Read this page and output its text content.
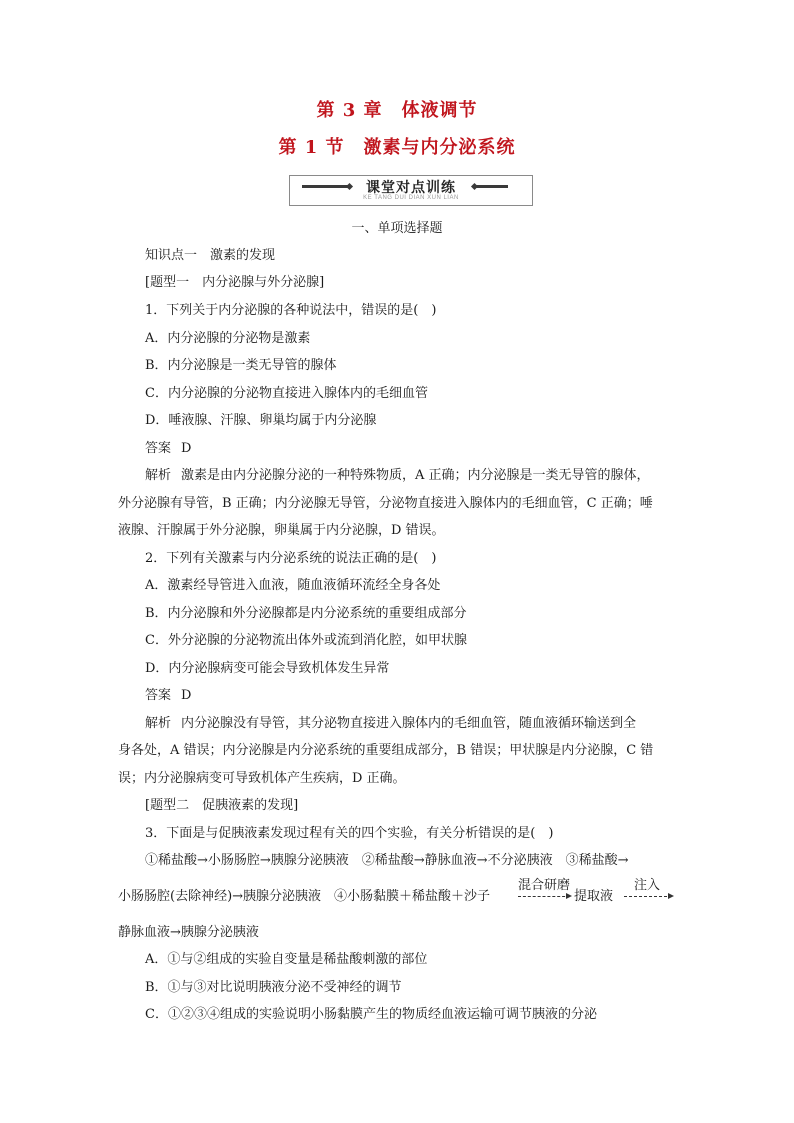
第 3 章　体液调节
第 1 节　激素与内分泌系统
课堂对点训练
KE TANG DUI DIAN XUN LIAN
一、单项选择题
知识点一　激素的发现
[题型一　内分泌腺与外分泌腺]
1．下列关于内分泌腺的各种说法中，错误的是(　)
A．内分泌腺的分泌物是激素
B．内分泌腺是一类无导管的腺体
C．内分泌腺的分泌物直接进入腺体内的毛细血管
D．唾液腺、汗腺、卵巢均属于内分泌腺
答案 D
解析 激素是由内分泌腺分泌的一种特殊物质，A 正确；内分泌腺是一类无导管的腺体，
外分泌腺有导管，B 正确；内分泌腺无导管，分泌物直接进入腺体内的毛细血管，C 正确；唾
液腺、汗腺属于外分泌腺，卵巢属于内分泌腺，D 错误。
2．下列有关激素与内分泌系统的说法正确的是(　)
A．激素经导管进入血液，随血液循环流经全身各处
B．内分泌腺和外分泌腺都是内分泌系统的重要组成部分
C．外分泌腺的分泌物流出体外或流到消化腔，如甲状腺
D．内分泌腺病变可能会导致机体发生异常
答案 D
解析 内分泌腺没有导管，其分泌物直接进入腺体内的毛细血管，随血液循环输送到全
身各处，A 错误；内分泌腺是内分泌系统的重要组成部分，B 错误；甲状腺是内分泌腺，C 错
误；内分泌腺病变可导致机体产生疾病，D 正确。
[题型二　促胰液素的发现]
3．下面是与促胰液素发现过程有关的四个实验，有关分析错误的是(　)
①稀盐酸→小肠肠腔→胰腺分泌胰液　②稀盐酸→静脉血液→不分泌胰液　③稀盐酸→
小肠肠腔(去除神经)→胰腺分泌胰液　④小肠黏膜＋稀盐酸＋沙子
混合研磨
提取液
注入
静脉血液→胰腺分泌胰液
A．①与②组成的实验自变量是稀盐酸刺激的部位
B．①与③对比说明胰液分泌不受神经的调节
C．①②③④组成的实验说明小肠黏膜产生的物质经血液运输可调节胰液的分泌
